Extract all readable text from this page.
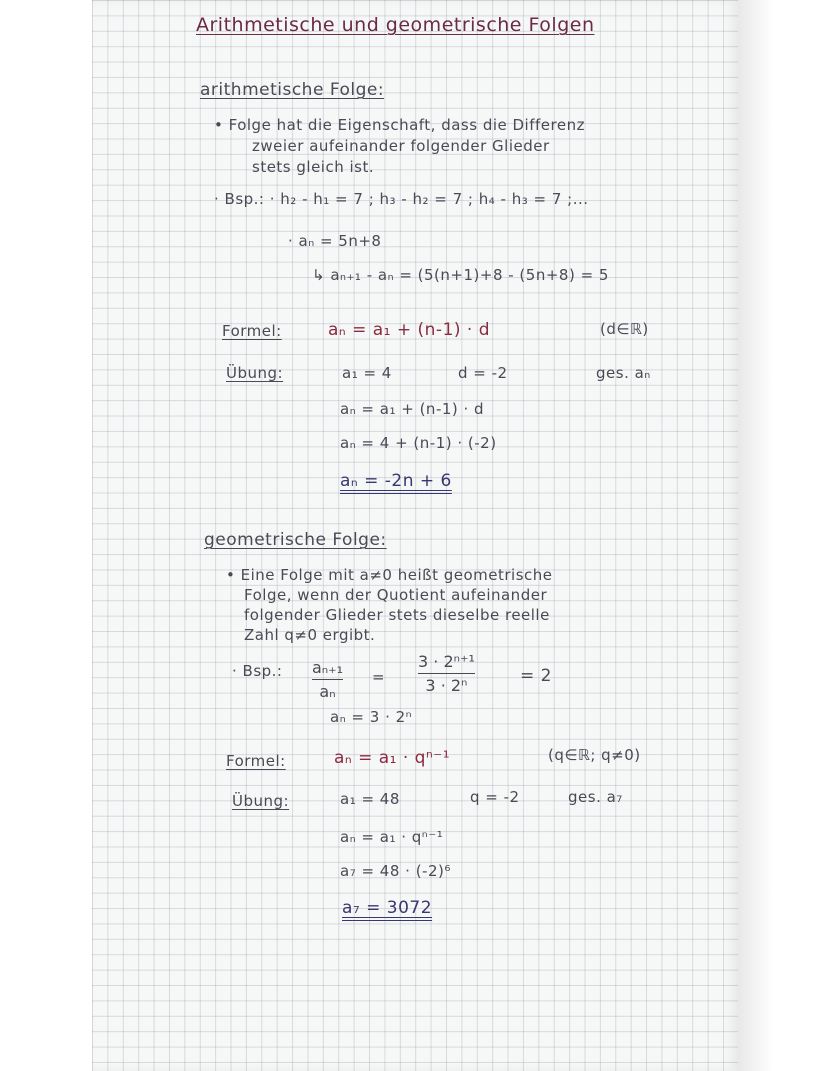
Arithmetische und geometrische Folgen
arithmetische Folge:
• Folge hat die Eigenschaft, dass die Differenz
zweier aufeinander folgender Glieder
stets gleich ist.
· Bsp.: · h₂ - h₁ = 7 ; h₃ - h₂ = 7 ; h₄ - h₃ = 7 ;...
· aₙ = 5n+8
↳ aₙ₊₁ - aₙ = (5(n+1)+8 - (5n+8) = 5
Formel:	aₙ = a₁ + (n-1) · d	(d∈ℝ)
Übung:	a₁ = 4	d = -2	ges. aₙ
aₙ = a₁ + (n-1) · d
aₙ = 4 + (n-1) · (-2)
aₙ = -2n + 6
geometrische Folge:
• Eine Folge mit a≠0 heißt geometrische
Folge, wenn der Quotient aufeinander
folgender Glieder stets dieselbe reelle
Zahl q≠0 ergibt.
· Bsp.: aₙ₊₁
aₙ
=
3 · 2ⁿ⁺¹
3 · 2ⁿ	= 2
aₙ = 3 · 2ⁿ
Formel:	aₙ = a₁ · qⁿ⁻¹	(q∈ℝ; q≠0)
Übung:	a₁ = 48	q = -2	ges. a₇
aₙ = a₁ · qⁿ⁻¹
a₇ = 48 · (-2)⁶
a₇ = 3072
